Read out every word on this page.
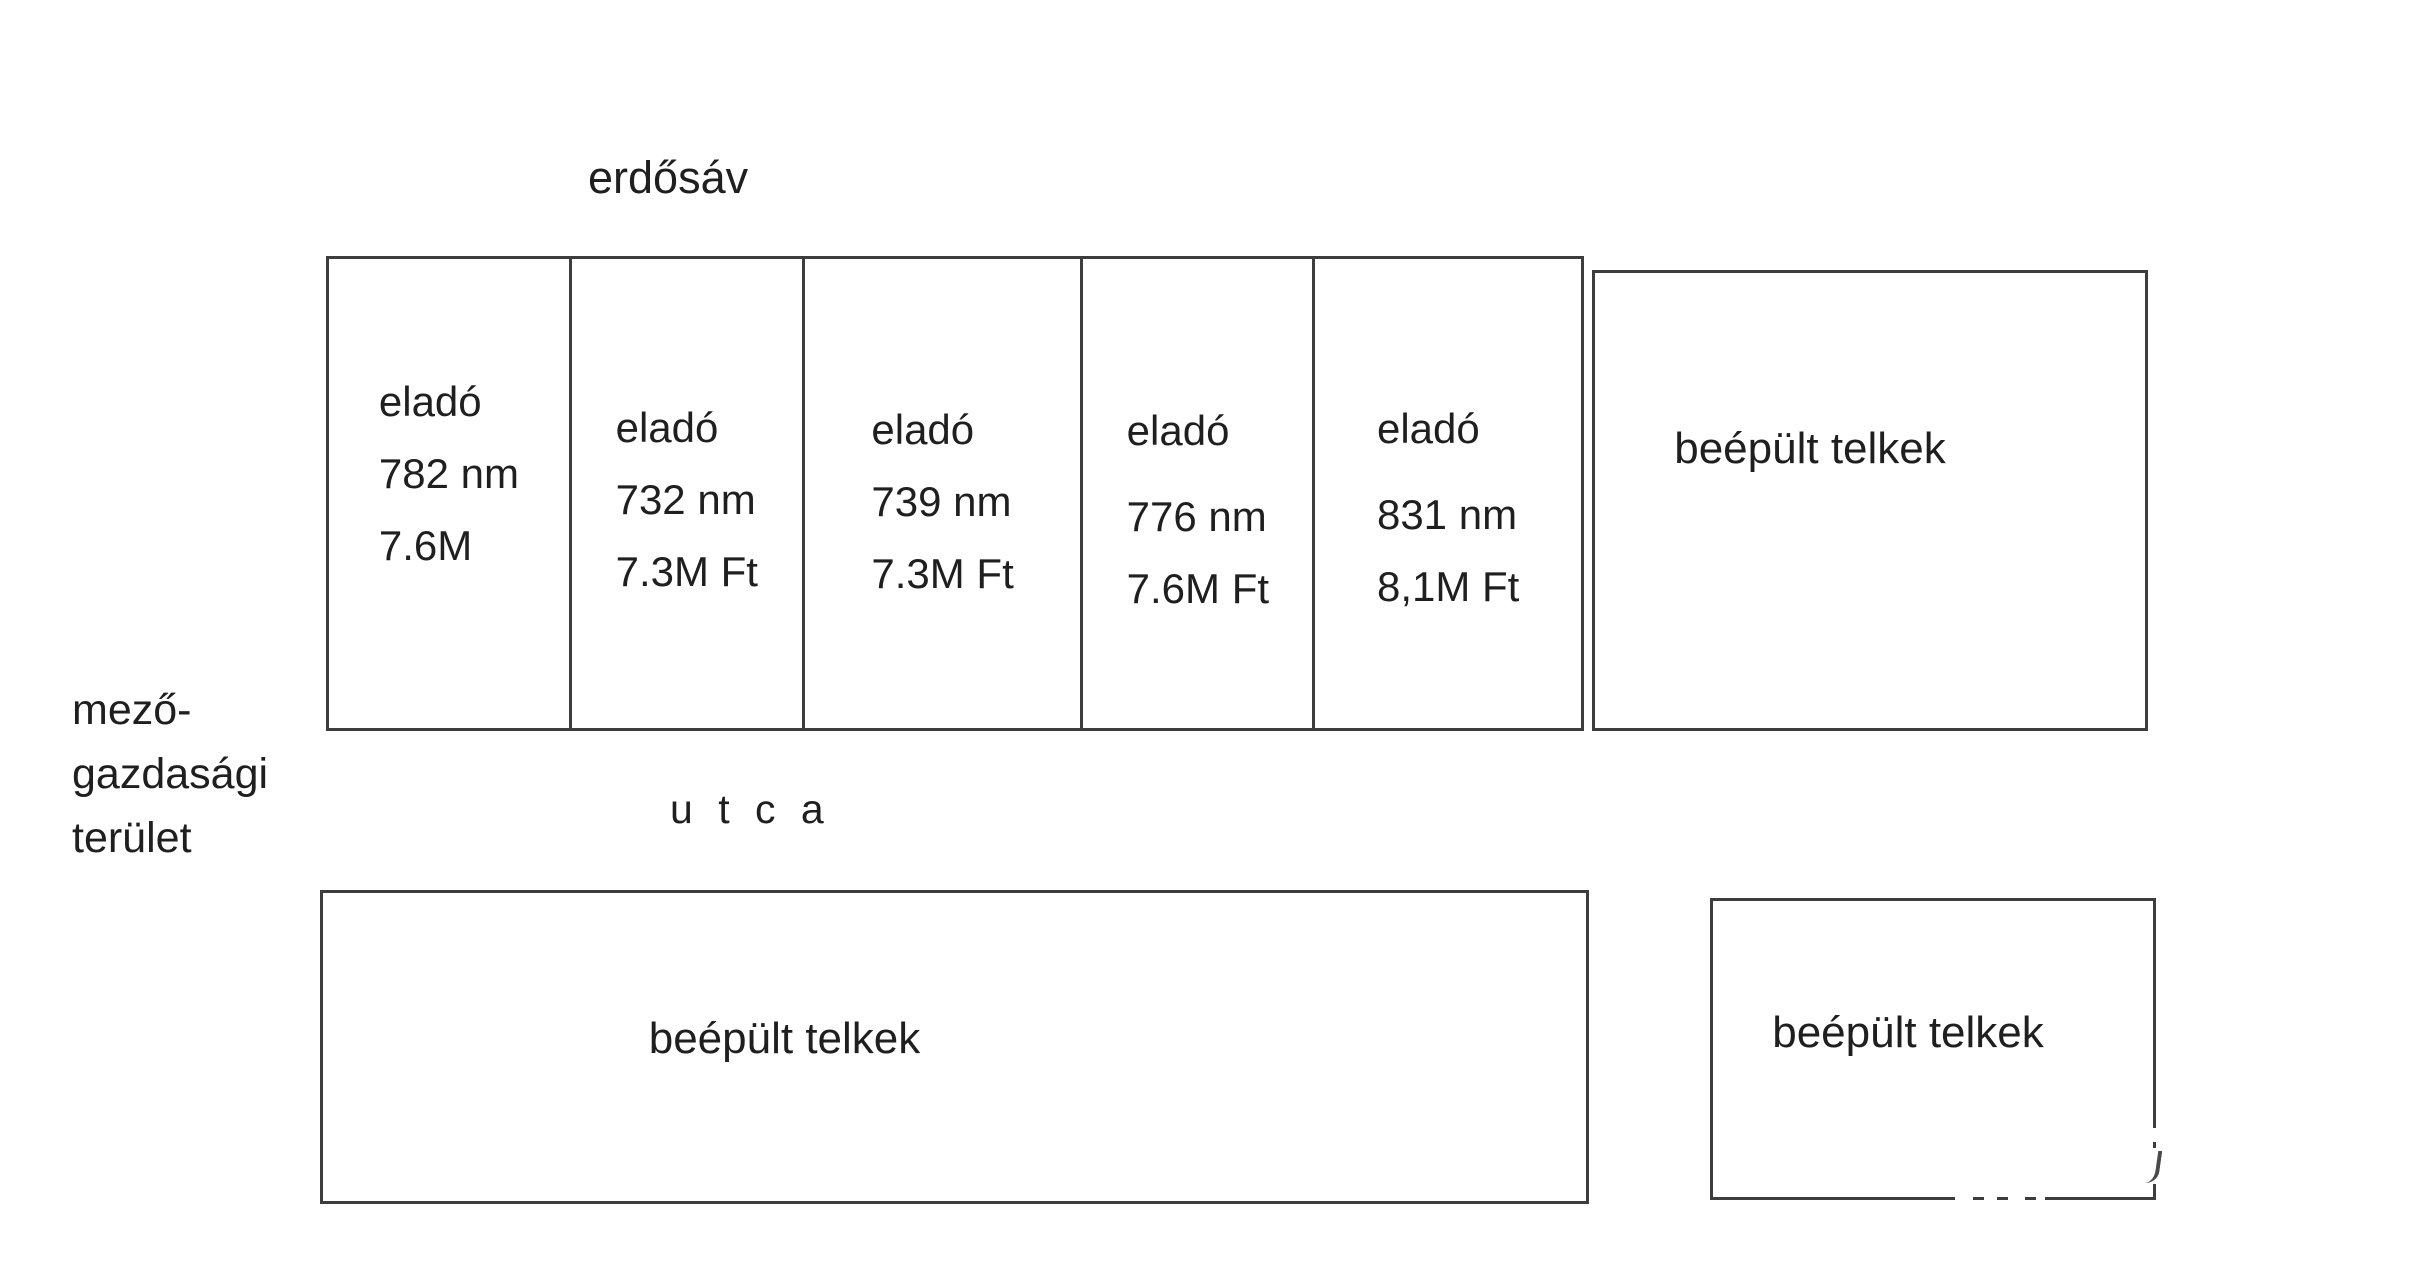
erdősáv
eladó
782 nm
7.6M
eladó
732 nm
7.3M Ft
eladó
739 nm
7.3M Ft
eladó
776 nm
7.6M Ft
eladó
831 nm
8,1M Ft
beépült telkek
mező-
gazdasági
terület
u t c a
beépült telkek	beépült telkek
